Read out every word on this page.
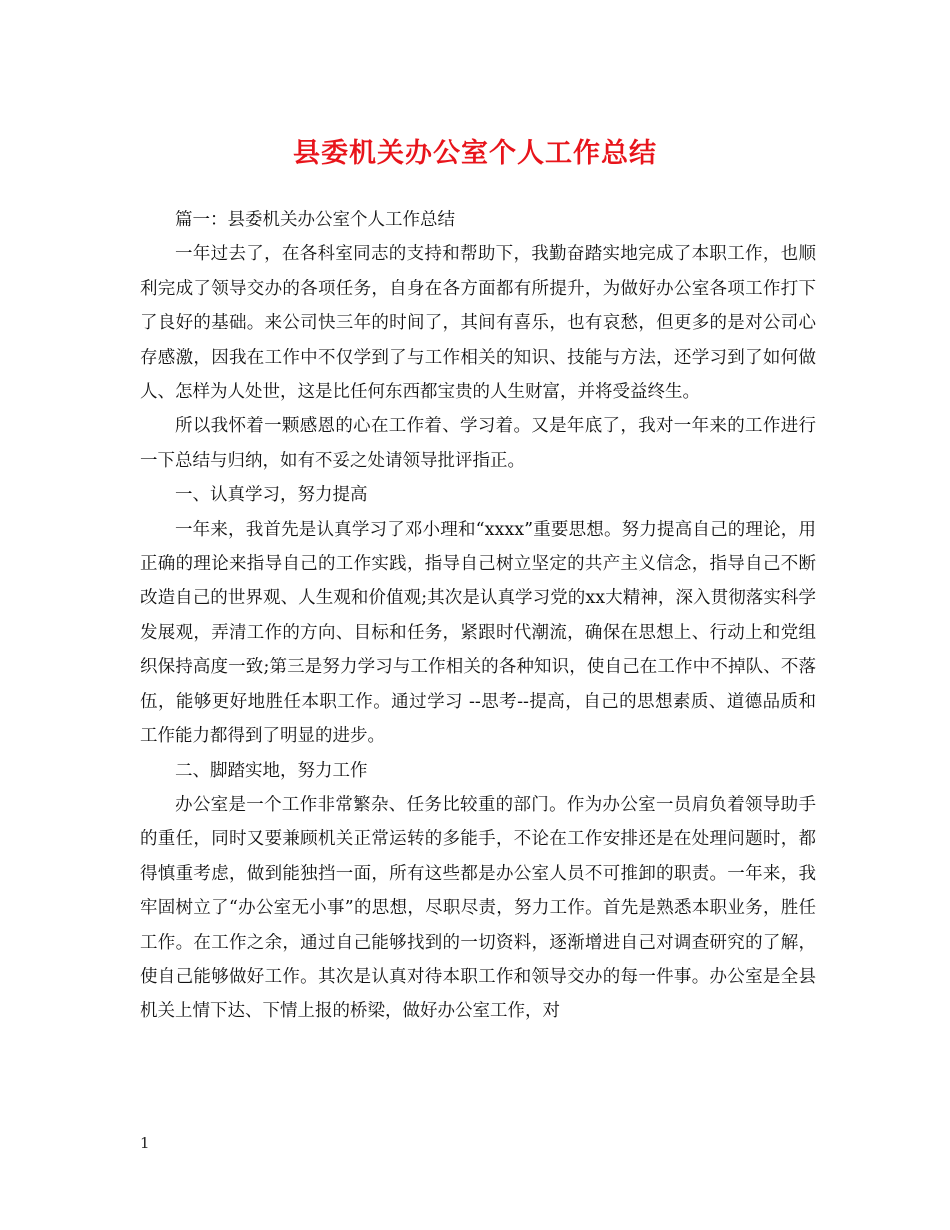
县委机关办公室个人工作总结

篇一：县委机关办公室个人工作总结

一年过去了，在各科室同志的支持和帮助下，我勤奋踏实地完成了本职工作，也顺利完成了领导交办的各项任务，自身在各方面都有所提升，为做好办公室各项工作打下了良好的基础。来公司快三年的时间了，其间有喜乐，也有哀愁，但更多的是对公司心存感激，因我在工作中不仅学到了与工作相关的知识、技能与方法，还学习到了如何做人、怎样为人处世，这是比任何东西都宝贵的人生财富，并将受益终生。

所以我怀着一颗感恩的心在工作着、学习着。又是年底了，我对一年来的工作进行一下总结与归纳，如有不妥之处请领导批评指正。

一、认真学习，努力提高

一年来，我首先是认真学习了邓小理和“xxxx”重要思想。努力提高自己的理论，用正确的理论来指导自己的工作实践，指导自己树立坚定的共产主义信念，指导自己不断改造自己的世界观、人生观和价值观;其次是认真学习党的xx大精神，深入贯彻落实科学发展观，弄清工作的方向、目标和任务，紧跟时代潮流，确保在思想上、行动上和党组织保持高度一致;第三是努力学习与工作相关的各种知识，使自己在工作中不掉队、不落伍，能够更好地胜任本职工作。通过学习 --思考--提高，自己的思想素质、道德品质和工作能力都得到了明显的进步。

二、脚踏实地，努力工作

办公室是一个工作非常繁杂、任务比较重的部门。作为办公室一员肩负着领导助手的重任，同时又要兼顾机关正常运转的多能手，不论在工作安排还是在处理问题时，都得慎重考虑，做到能独挡一面，所有这些都是办公室人员不可推卸的职责。一年来，我牢固树立了“办公室无小事”的思想，尽职尽责，努力工作。首先是熟悉本职业务，胜任工作。在工作之余，通过自己能够找到的一切资料，逐渐增进自己对调查研究的了解，使自己能够做好工作。其次是认真对待本职工作和领导交办的每一件事。办公室是全县机关上情下达、下情上报的桥梁，做好办公室工作，对

1
